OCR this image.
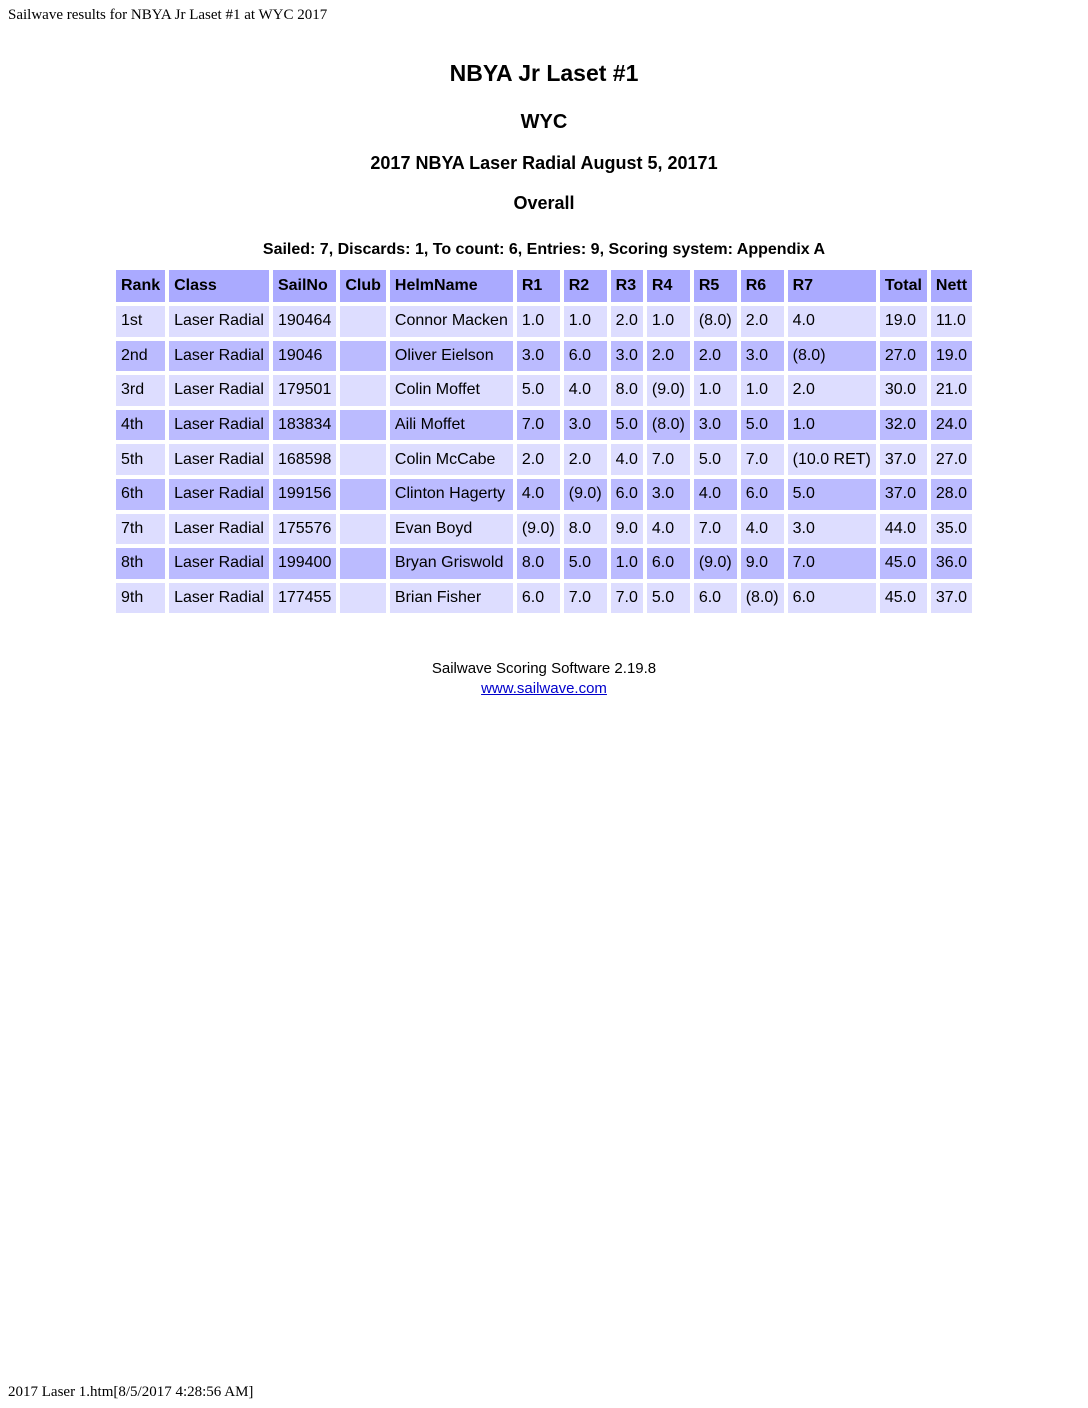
Sailwave results for NBYA Jr Laset #1 at WYC 2017
NBYA Jr Laset #1
WYC
2017 NBYA Laser Radial August 5, 20171
Overall
Sailed: 7, Discards: 1, To count: 6, Entries: 9, Scoring system: Appendix A
Rank	Class	SailNo	Club	HelmName	R1	R2	R3	R4	R5	R6	R7	Total	Nett
1st	Laser Radial	190464		Connor Macken	1.0	1.0	2.0	1.0	(8.0)	2.0	4.0	19.0	11.0
2nd	Laser Radial	19046		Oliver Eielson	3.0	6.0	3.0	2.0	2.0	3.0	(8.0)	27.0	19.0
3rd	Laser Radial	179501		Colin Moffet	5.0	4.0	8.0	(9.0)	1.0	1.0	2.0	30.0	21.0
4th	Laser Radial	183834		Aili Moffet	7.0	3.0	5.0	(8.0)	3.0	5.0	1.0	32.0	24.0
5th	Laser Radial	168598		Colin McCabe	2.0	2.0	4.0	7.0	5.0	7.0	(10.0 RET)	37.0	27.0
6th	Laser Radial	199156		Clinton Hagerty	4.0	(9.0)	6.0	3.0	4.0	6.0	5.0	37.0	28.0
7th	Laser Radial	175576		Evan Boyd	(9.0)	8.0	9.0	4.0	7.0	4.0	3.0	44.0	35.0
8th	Laser Radial	199400		Bryan Griswold	8.0	5.0	1.0	6.0	(9.0)	9.0	7.0	45.0	36.0
9th	Laser Radial	177455		Brian Fisher	6.0	7.0	7.0	5.0	6.0	(8.0)	6.0	45.0	37.0
Sailwave Scoring Software 2.19.8
www.sailwave.com
2017 Laser 1.htm[8/5/2017 4:28:56 AM]
